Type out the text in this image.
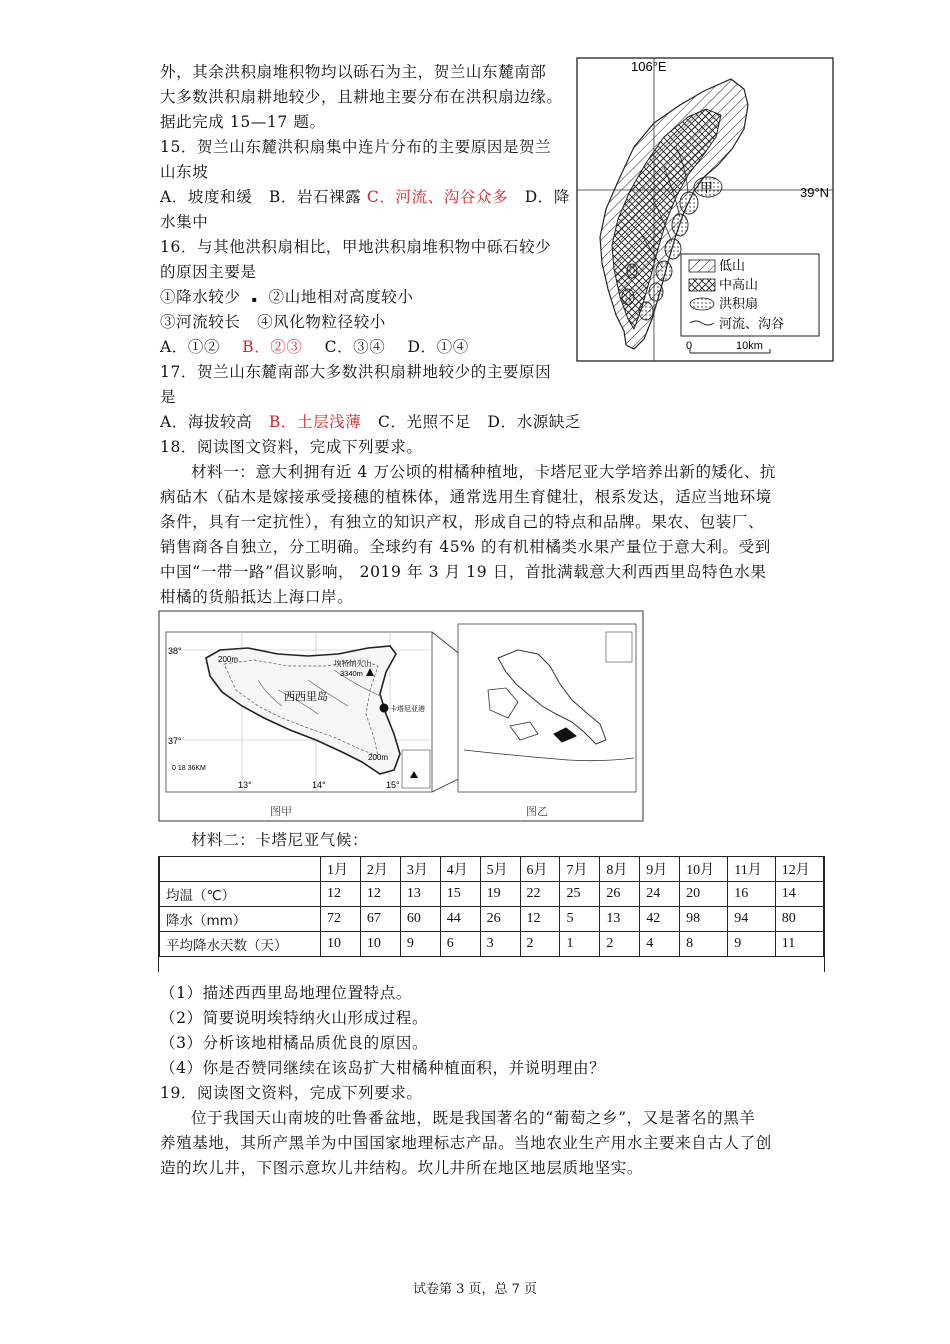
外，其余洪积扇堆积物均以砾石为主，贺兰山东麓南部
大多数洪积扇耕地较少，且耕地主要分布在洪积扇边缘。
据此完成 15—17 题。
15．贺兰山东麓洪积扇集中连片分布的主要原因是贺兰
山东坡
A．坡度和缓 B．岩石裸露 C．河流、沟谷众多 D．降
水集中
16．与其他洪积扇相比，甲地洪积扇堆积物中砾石较少
的原因主要是
①降水较少 ▪ ②山地相对高度较小
③河流较长 ④风化物粒径较小
A．①② B．②③ C．③④ D．①④
17．贺兰山东麓南部大多数洪积扇耕地较少的主要原因
是
A．海拔较高 B．土层浅薄 C．光照不足 D．水源缺乏
106°E
39°N
甲
低山
中高山
洪积扇
河流、沟谷
0	10km
18．阅读图文资料，完成下列要求。
材料一：意大利拥有近 4 万公顷的柑橘种植地，卡塔尼亚大学培养出新的矮化、抗
病砧木（砧木是嫁接承受接穗的植株体，通常选用生育健壮，根系发达，适应当地环境
条件，具有一定抗性），有独立的知识产权，形成自己的特点和品牌。果农、包装厂、
销售商各自独立，分工明确。全球约有 45% 的有机柑橘类水果产量位于意大利。受到
中国“一带一路”倡议影响， 2019 年 3 月 19 日，首批满载意大利西西里岛特色水果
柑橘的货船抵达上海口岸。
38°
37°
13°	14°	15°
200m
200m
西西里岛
埃特纳火山
3340m
卡塔尼亚港
0 18 36KM
图甲	图乙
材料二：卡塔尼亚气候：
	1月	2月	3月	4月	5月	6月	7月	8月	9月	10月	11月	12月
均温（℃）	12	12	13	15	19	22	25	26	24	20	16	14
降水（mm）	72	67	60	44	26	12	5	13	42	98	94	80
平均降水天数（天）	10	10	9	6	3	2	1	2	4	8	9	11
（1）描述西西里岛地理位置特点。
（2）简要说明埃特纳火山形成过程。
（3）分析该地柑橘品质优良的原因。
（4）你是否赞同继续在该岛扩大柑橘种植面积，并说明理由？
19．阅读图文资料，完成下列要求。
位于我国天山南坡的吐鲁番盆地，既是我国著名的“葡萄之乡”，又是著名的黑羊
养殖基地，其所产黑羊为中国国家地理标志产品。当地农业生产用水主要来自古人了创
造的坎儿井，下图示意坎儿井结构。坎儿井所在地区地层质地坚实。
试卷第 3 页，总 7 页
